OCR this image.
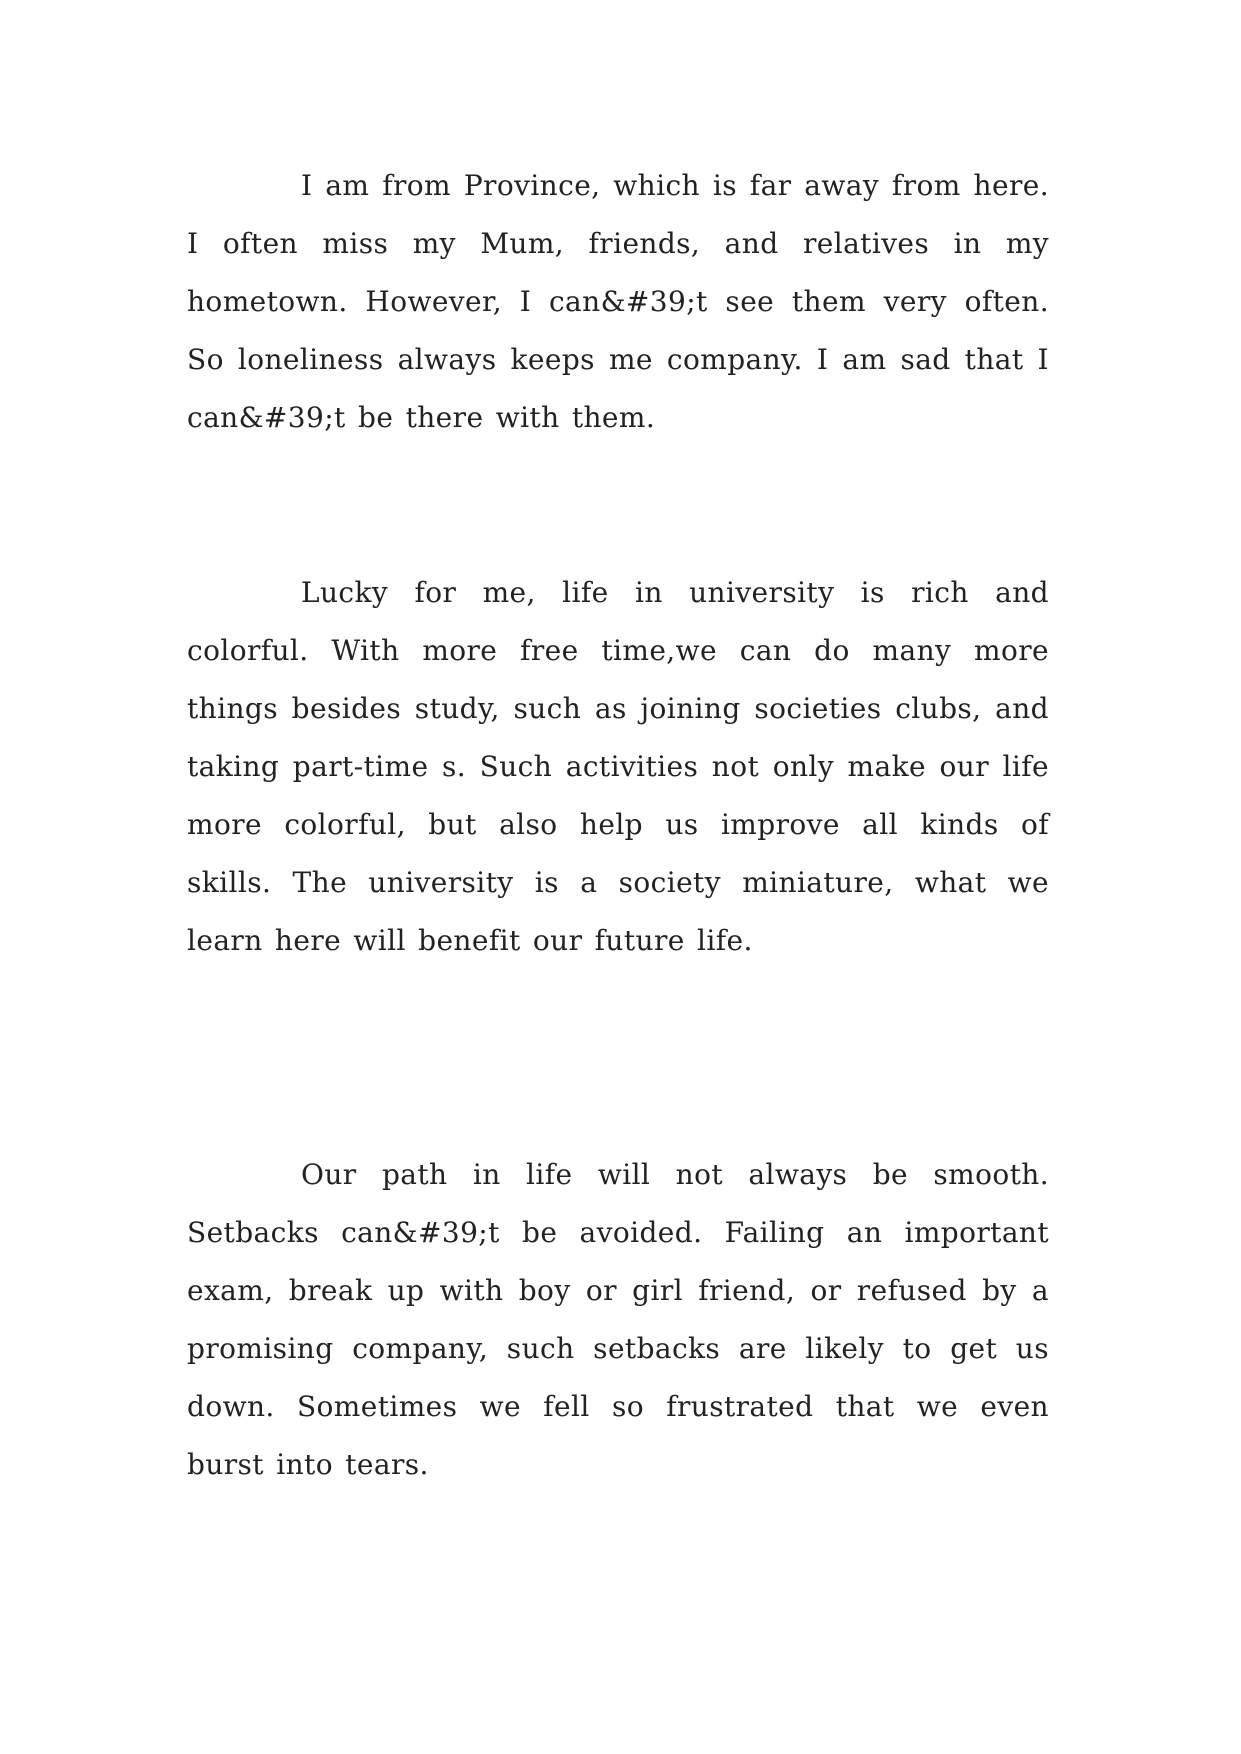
I am from Province, which is far away from here. I often miss my Mum, friends, and relatives in my hometown. However, I can&#39;t see them very often. So loneliness always keeps me company. I am sad that I can&#39;t be there with them.

Lucky for me, life in university is rich and colorful. With more free time,we can do many more things besides study, such as joining societies clubs, and taking part-time s. Such activities not only make our life more colorful, but also help us improve all kinds of skills. The university is a society miniature, what we learn here will benefit our future life.

Our path in life will not always be smooth. Setbacks can&#39;t be avoided. Failing an important exam, break up with boy or girl friend, or refused by a promising company, such setbacks are likely to get us down. Sometimes we fell so frustrated that we even burst into tears.
